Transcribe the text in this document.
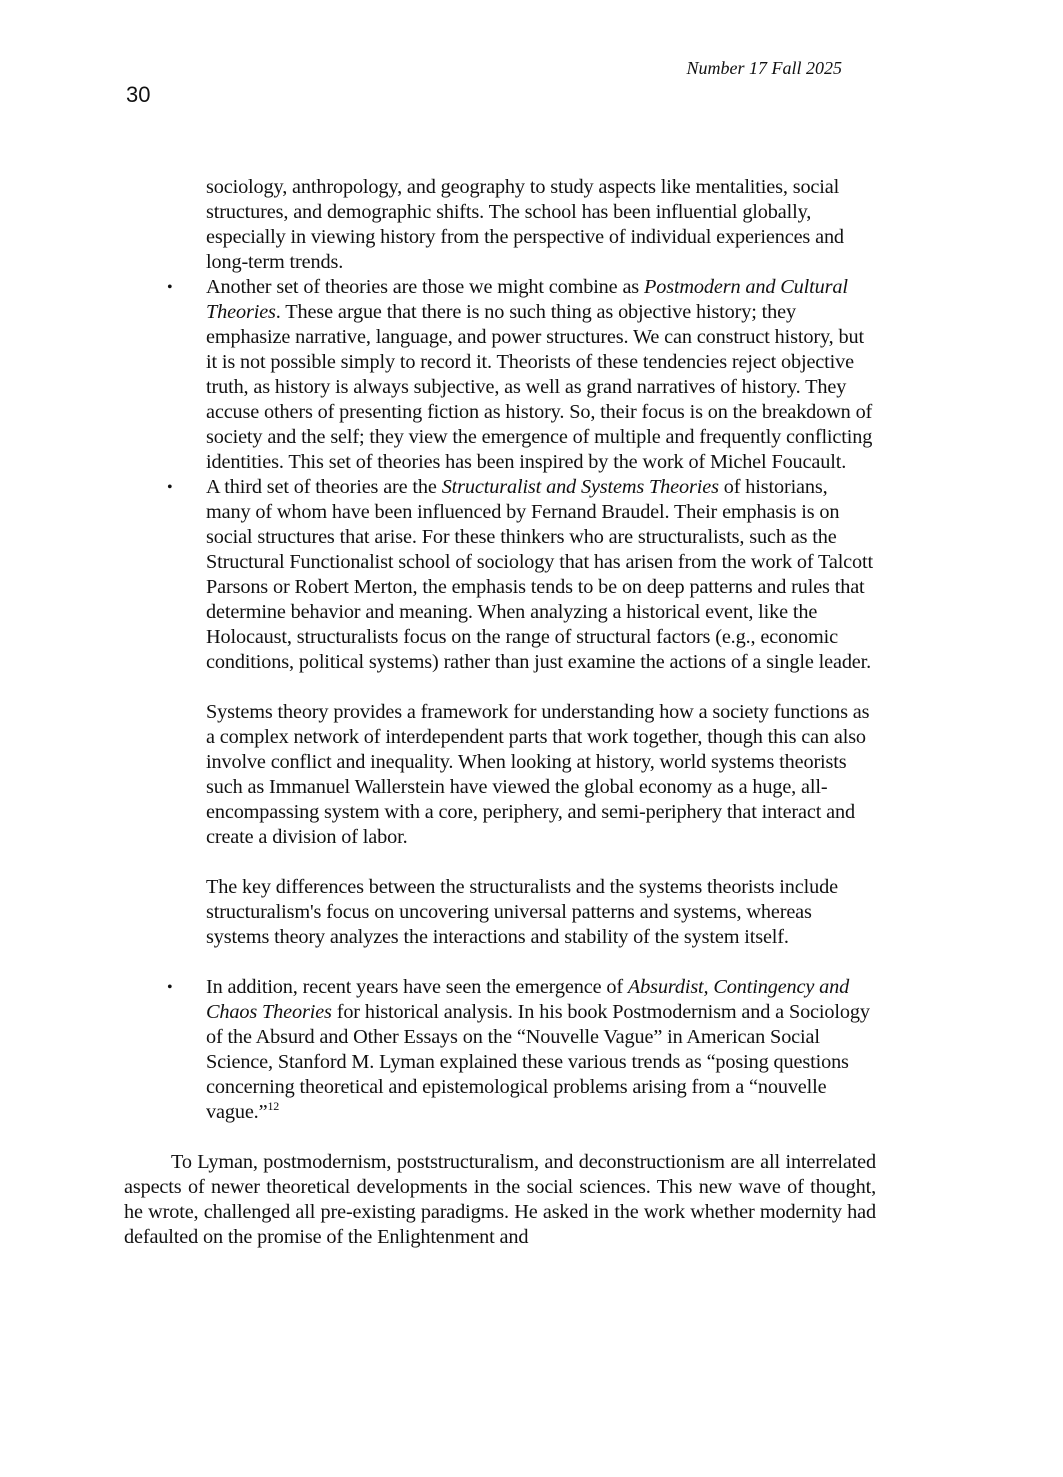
Number 17 Fall 2025
30

sociology, anthropology, and geography to study aspects like mentalities, social structures, and demographic shifts. The school has been influential globally, especially in viewing history from the perspective of individual experiences and long-term trends.

• Another set of theories are those we might combine as Postmodern and Cultural Theories. These argue that there is no such thing as objective history; they emphasize narrative, language, and power structures. We can construct history, but it is not possible simply to record it. Theorists of these tendencies reject objective truth, as history is always subjective, as well as grand narratives of history. They accuse others of presenting fiction as history. So, their focus is on the breakdown of society and the self; they view the emergence of multiple and frequently conflicting identities. This set of theories has been inspired by the work of Michel Foucault.
• A third set of theories are the Structuralist and Systems Theories of historians, many of whom have been influenced by Fernand Braudel. Their emphasis is on social structures that arise. For these thinkers who are structuralists, such as the Structural Functionalist school of sociology that has arisen from the work of Talcott Parsons or Robert Merton, the emphasis tends to be on deep patterns and rules that determine behavior and meaning. When analyzing a historical event, like the Holocaust, structuralists focus on the range of structural factors (e.g., economic conditions, political systems) rather than just examine the actions of a single leader.

Systems theory provides a framework for understanding how a society functions as a complex network of interdependent parts that work together, though this can also involve conflict and inequality. When looking at history, world systems theorists such as Immanuel Wallerstein have viewed the global economy as a huge, all-encompassing system with a core, periphery, and semi-periphery that interact and create a division of labor.

The key differences between the structuralists and the systems theorists include structuralism's focus on uncovering universal patterns and systems, whereas systems theory analyzes the interactions and stability of the system itself.

• In addition, recent years have seen the emergence of Absurdist, Contingency and Chaos Theories for historical analysis. In his book Postmodernism and a Sociology of the Absurd and Other Essays on the “Nouvelle Vague” in American Social Science, Stanford M. Lyman explained these various trends as “posing questions concerning theoretical and epistemological problems arising from a “nouvelle vague.”$^{12}$

To Lyman, postmodernism, poststructuralism, and deconstructionism are all interrelated aspects of newer theoretical developments in the social sciences. This new wave of thought, he wrote, challenged all pre-existing paradigms. He asked in the work whether modernity had defaulted on the promise of the Enlightenment and
